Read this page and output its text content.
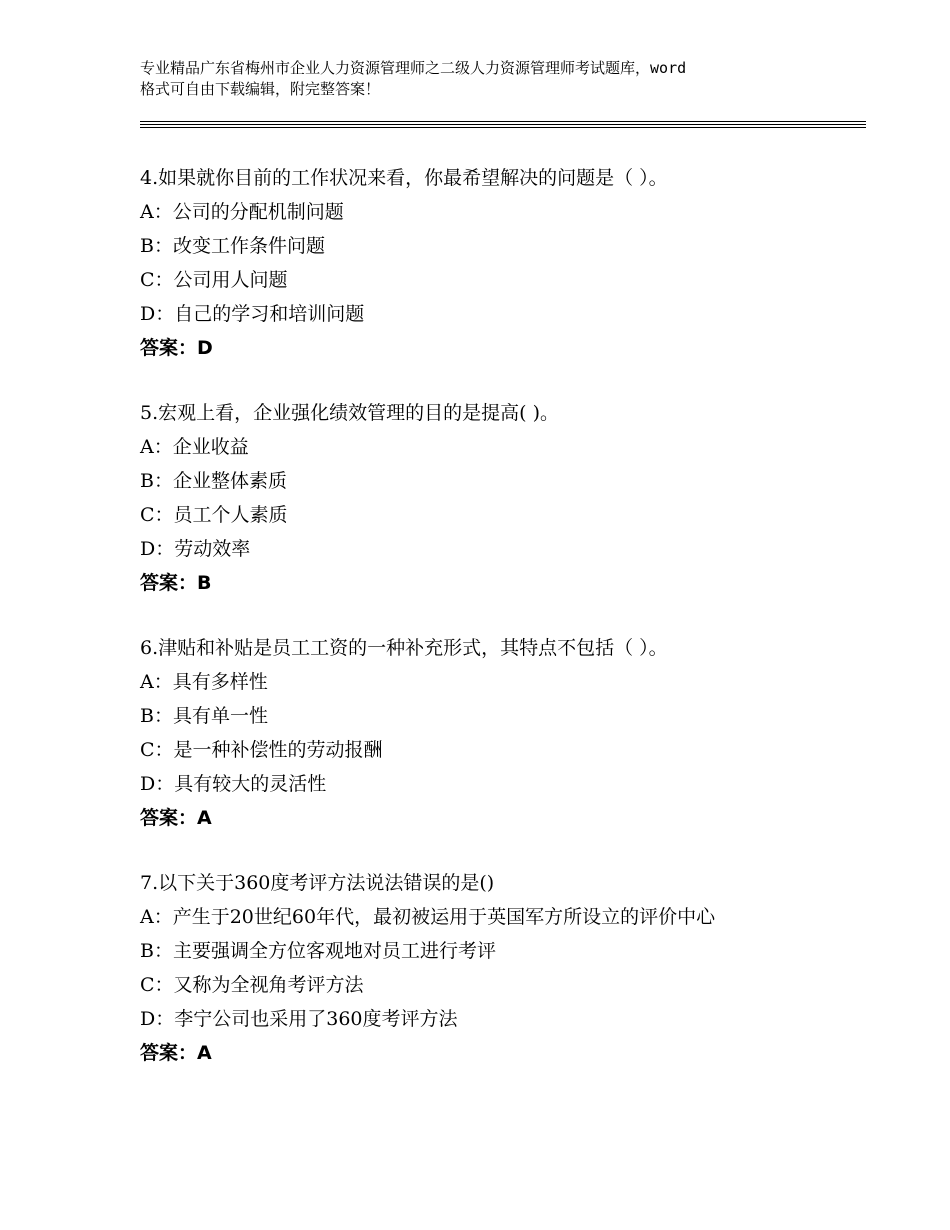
专业精品广东省梅州市企业人力资源管理师之二级人力资源管理师考试题库，word
格式可自由下载编辑，附完整答案！
4.如果就你目前的工作状况来看，你最希望解决的问题是（ ）。
A：公司的分配机制问题
B：改变工作条件问题
C：公司用人问题
D：自己的学习和培训问题
答案：D
5.宏观上看，企业强化绩效管理的目的是提高( )。
A：企业收益
B：企业整体素质
C：员工个人素质
D：劳动效率
答案：B
6.津贴和补贴是员工工资的一种补充形式，其特点不包括（ ）。
A：具有多样性
B：具有单一性
C：是一种补偿性的劳动报酬
D：具有较大的灵活性
答案：A
7.以下关于360度考评方法说法错误的是()
A：产生于20世纪60年代，最初被运用于英国军方所设立的评价中心
B：主要强调全方位客观地对员工进行考评
C：又称为全视角考评方法
D：李宁公司也采用了360度考评方法
答案：A
